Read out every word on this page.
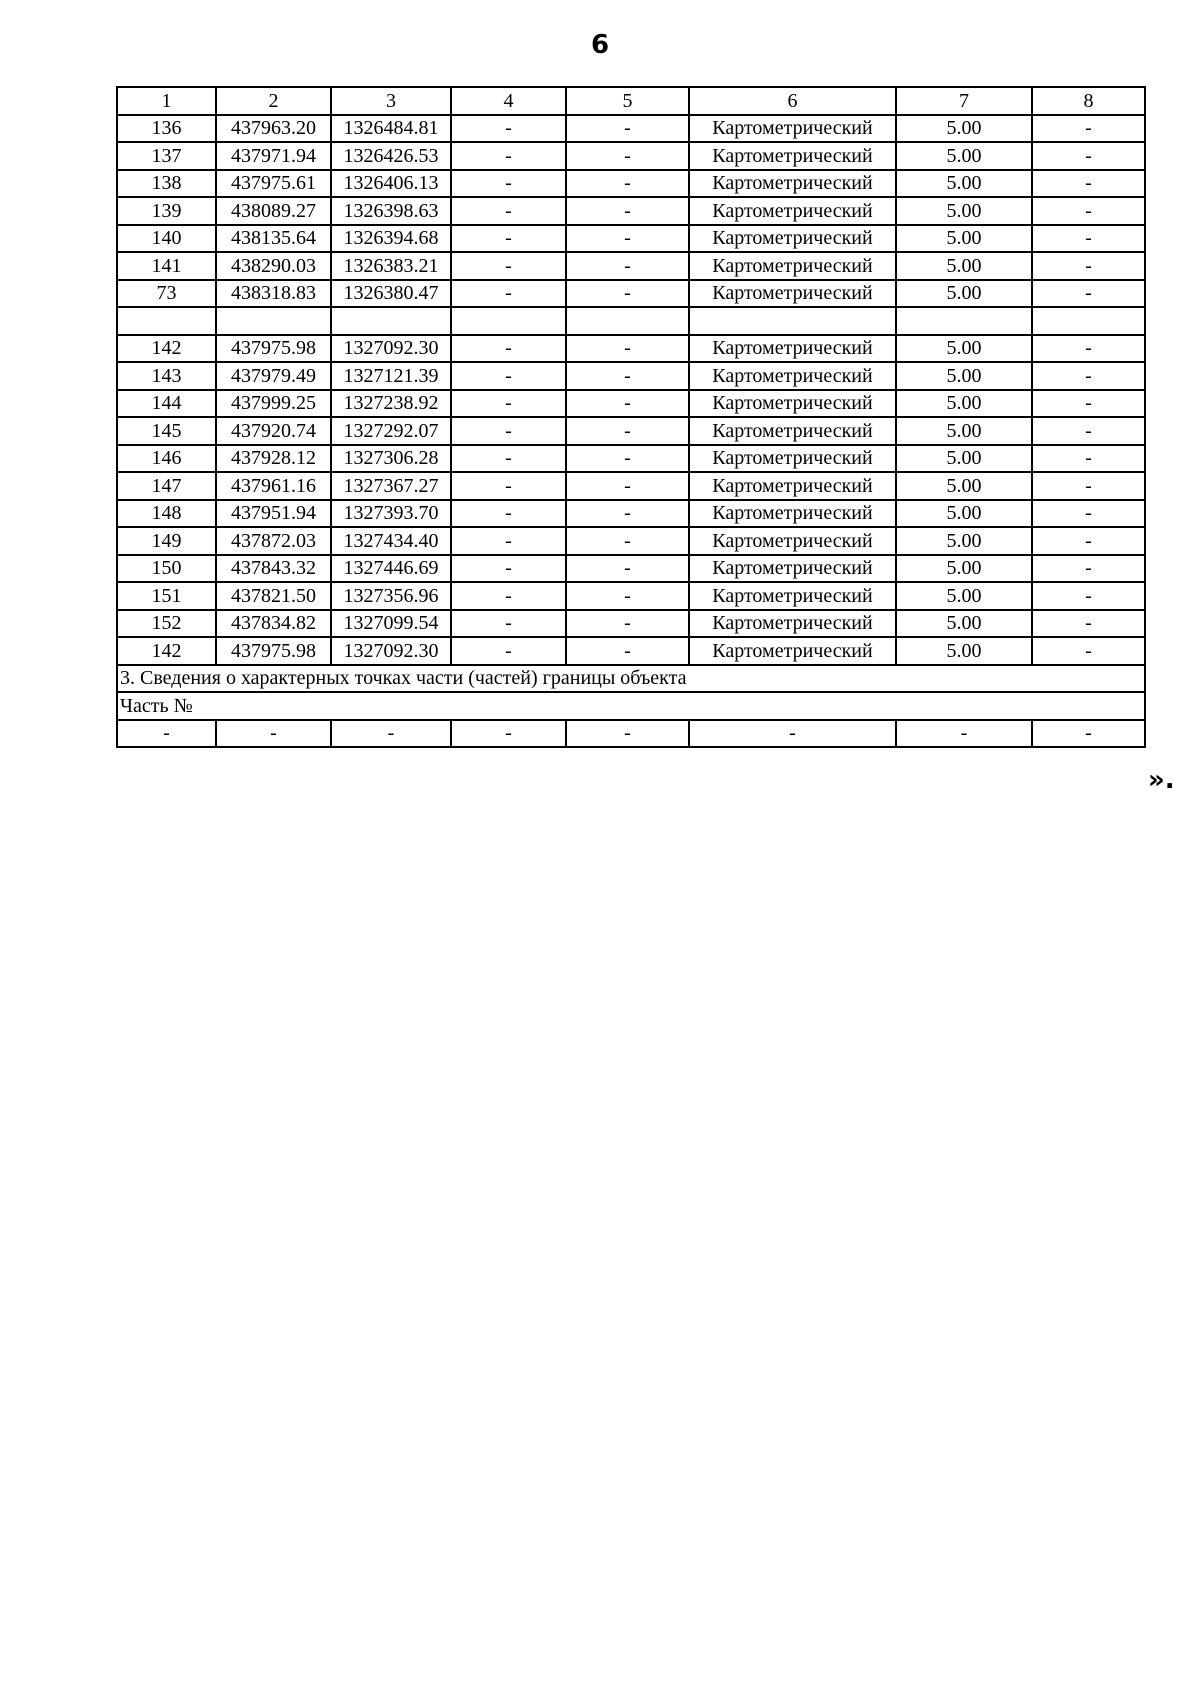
6
1	2	3	4	5	6	7	8
136	437963.20	1326484.81	-	-	Картометрический	5.00	-
137	437971.94	1326426.53	-	-	Картометрический	5.00	-
138	437975.61	1326406.13	-	-	Картометрический	5.00	-
139	438089.27	1326398.63	-	-	Картометрический	5.00	-
140	438135.64	1326394.68	-	-	Картометрический	5.00	-
141	438290.03	1326383.21	-	-	Картометрический	5.00	-
73	438318.83	1326380.47	-	-	Картометрический	5.00	-

142	437975.98	1327092.30	-	-	Картометрический	5.00	-
143	437979.49	1327121.39	-	-	Картометрический	5.00	-
144	437999.25	1327238.92	-	-	Картометрический	5.00	-
145	437920.74	1327292.07	-	-	Картометрический	5.00	-
146	437928.12	1327306.28	-	-	Картометрический	5.00	-
147	437961.16	1327367.27	-	-	Картометрический	5.00	-
148	437951.94	1327393.70	-	-	Картометрический	5.00	-
149	437872.03	1327434.40	-	-	Картометрический	5.00	-
150	437843.32	1327446.69	-	-	Картометрический	5.00	-
151	437821.50	1327356.96	-	-	Картометрический	5.00	-
152	437834.82	1327099.54	-	-	Картометрический	5.00	-
142	437975.98	1327092.30	-	-	Картометрический	5.00	-
3. Сведения о характерных точках части (частей) границы объекта							
Часть №							
-	-	-	-	-	-	-	-
».
